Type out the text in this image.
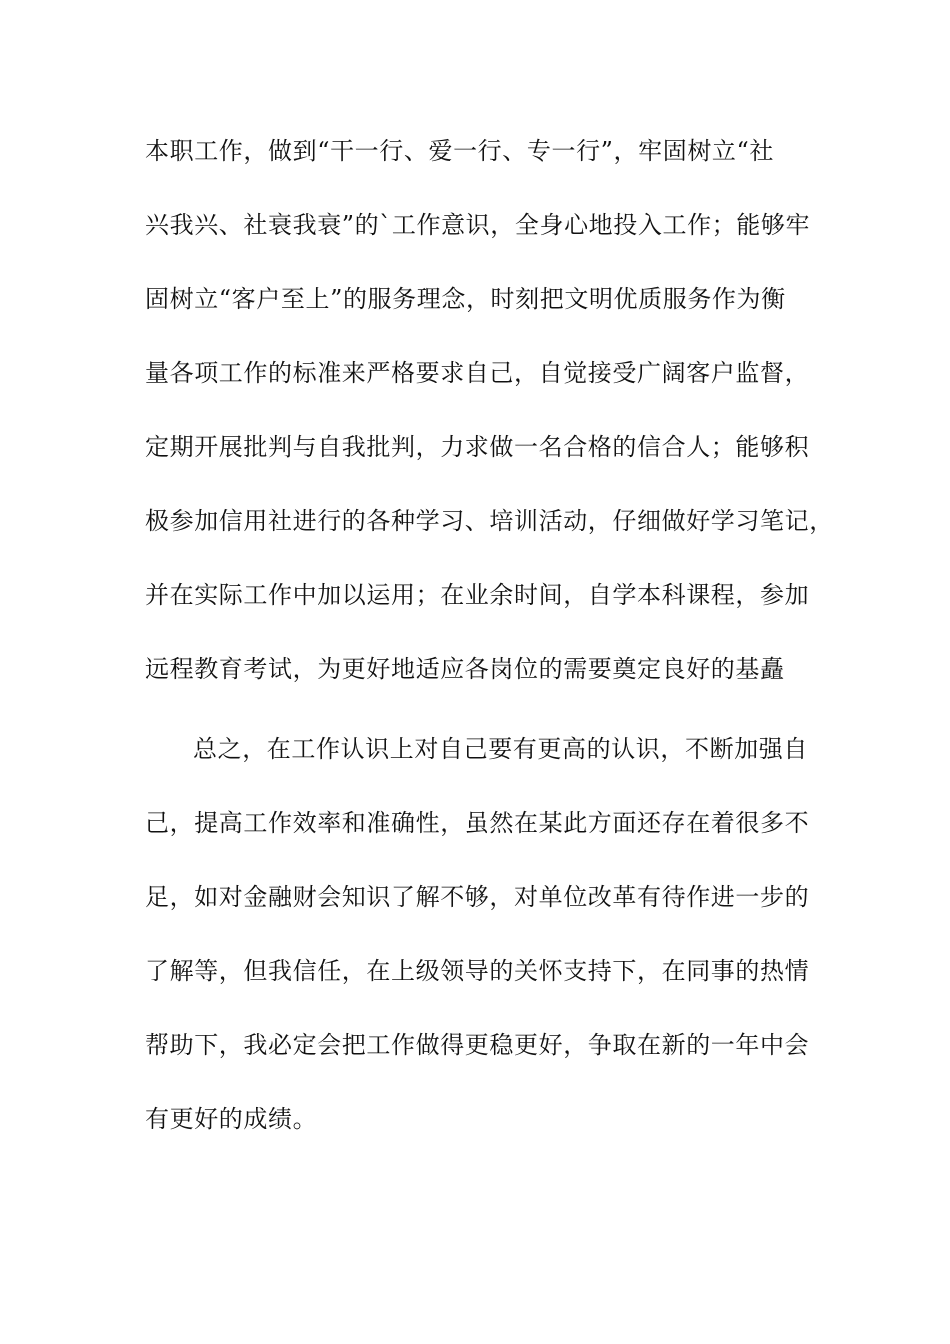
本职工作，做到“干一行、爱一行、专一行”，牢固树立“社
兴我兴、社衰我衰”的`工作意识，全身心地投入工作；能够牢
固树立“客户至上”的服务理念，时刻把文明优质服务作为衡
量各项工作的标准来严格要求自己，自觉接受广阔客户监督，
定期开展批判与自我批判，力求做一名合格的信合人；能够积
极参加信用社进行的各种学习、培训活动，仔细做好学习笔记，
并在实际工作中加以运用；在业余时间，自学本科课程，参加
远程教育考试，为更好地适应各岗位的需要奠定良好的基矗
总之，在工作认识上对自己要有更高的认识，不断加强自
己，提高工作效率和准确性，虽然在某此方面还存在着很多不
足，如对金融财会知识了解不够，对单位改革有待作进一步的
了解等，但我信任，在上级领导的关怀支持下，在同事的热情
帮助下，我必定会把工作做得更稳更好，争取在新的一年中会
有更好的成绩。
